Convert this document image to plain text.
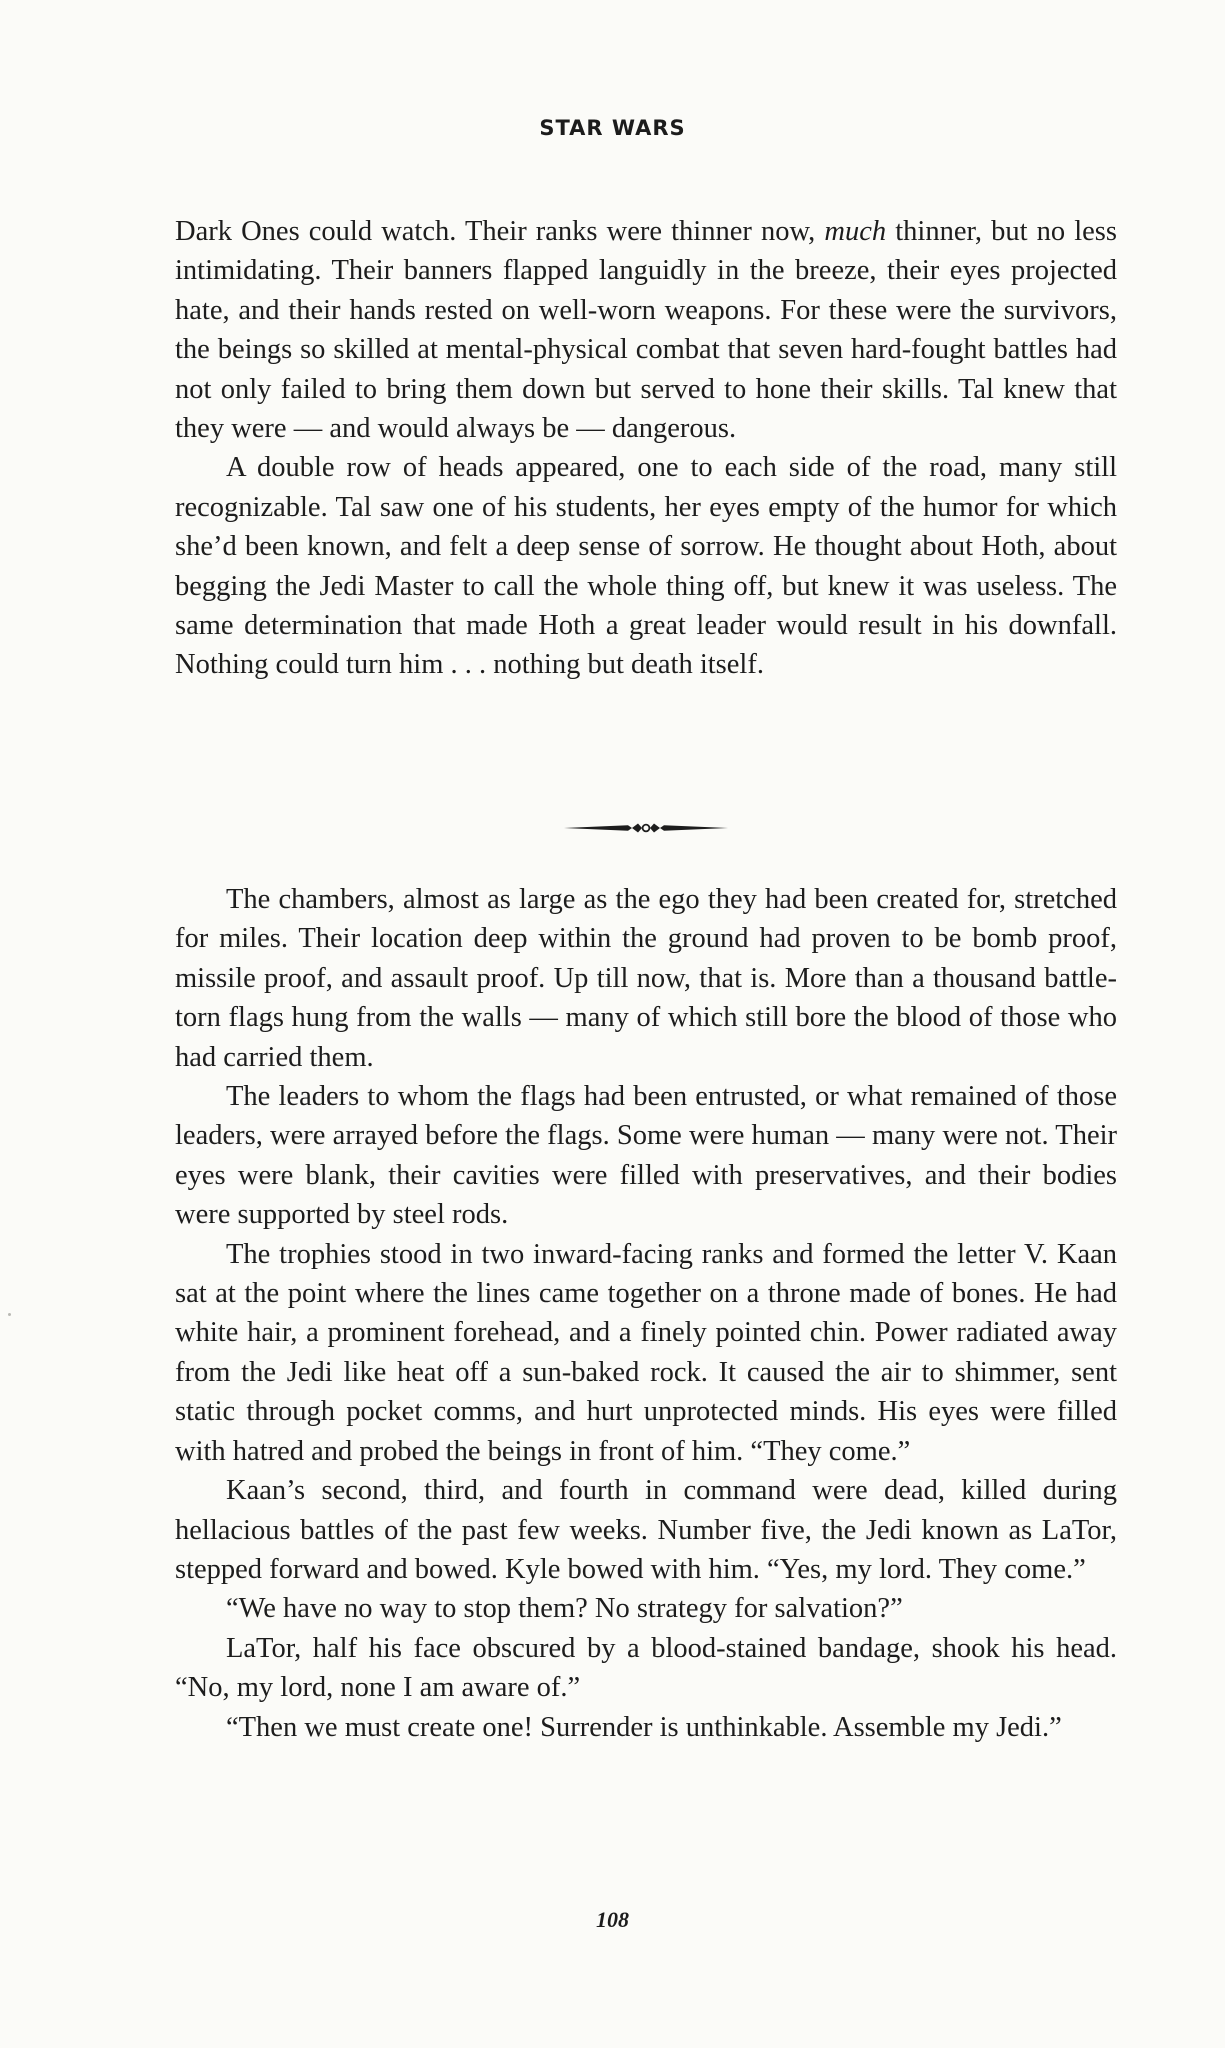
STAR WARS

Dark Ones could watch. Their ranks were thinner now, much thinner, but no less intimidating. Their banners flapped languidly in the breeze, their eyes projected hate, and their hands rested on well-worn weapons. For these were the survivors, the beings so skilled at mental-physical combat that seven hard-fought battles had not only failed to bring them down but served to hone their skills. Tal knew that they were — and would always be — dangerous.

A double row of heads appeared, one to each side of the road, many still recognizable. Tal saw one of his students, her eyes empty of the humor for which she’d been known, and felt a deep sense of sorrow. He thought about Hoth, about begging the Jedi Master to call the whole thing off, but knew it was useless. The same determination that made Hoth a great leader would result in his downfall. Nothing could turn him . . . nothing but death itself.

The chambers, almost as large as the ego they had been created for, stretched for miles. Their location deep within the ground had proven to be bomb proof, missile proof, and assault proof. Up till now, that is. More than a thousand battle-torn flags hung from the walls — many of which still bore the blood of those who had carried them.

The leaders to whom the flags had been entrusted, or what remained of those leaders, were arrayed before the flags. Some were human — many were not. Their eyes were blank, their cavities were filled with preservatives, and their bodies were supported by steel rods.

The trophies stood in two inward-facing ranks and formed the letter V. Kaan sat at the point where the lines came together on a throne made of bones. He had white hair, a prominent forehead, and a finely pointed chin. Power radiated away from the Jedi like heat off a sun-baked rock. It caused the air to shimmer, sent static through pocket comms, and hurt unprotected minds. His eyes were filled with hatred and probed the beings in front of him. “They come.”

Kaan’s second, third, and fourth in command were dead, killed during hellacious battles of the past few weeks. Number five, the Jedi known as LaTor, stepped forward and bowed. Kyle bowed with him. “Yes, my lord. They come.”

“We have no way to stop them? No strategy for salvation?”

LaTor, half his face obscured by a blood-stained bandage, shook his head. “No, my lord, none I am aware of.”

“Then we must create one! Surrender is unthinkable. Assemble my Jedi.”

108
